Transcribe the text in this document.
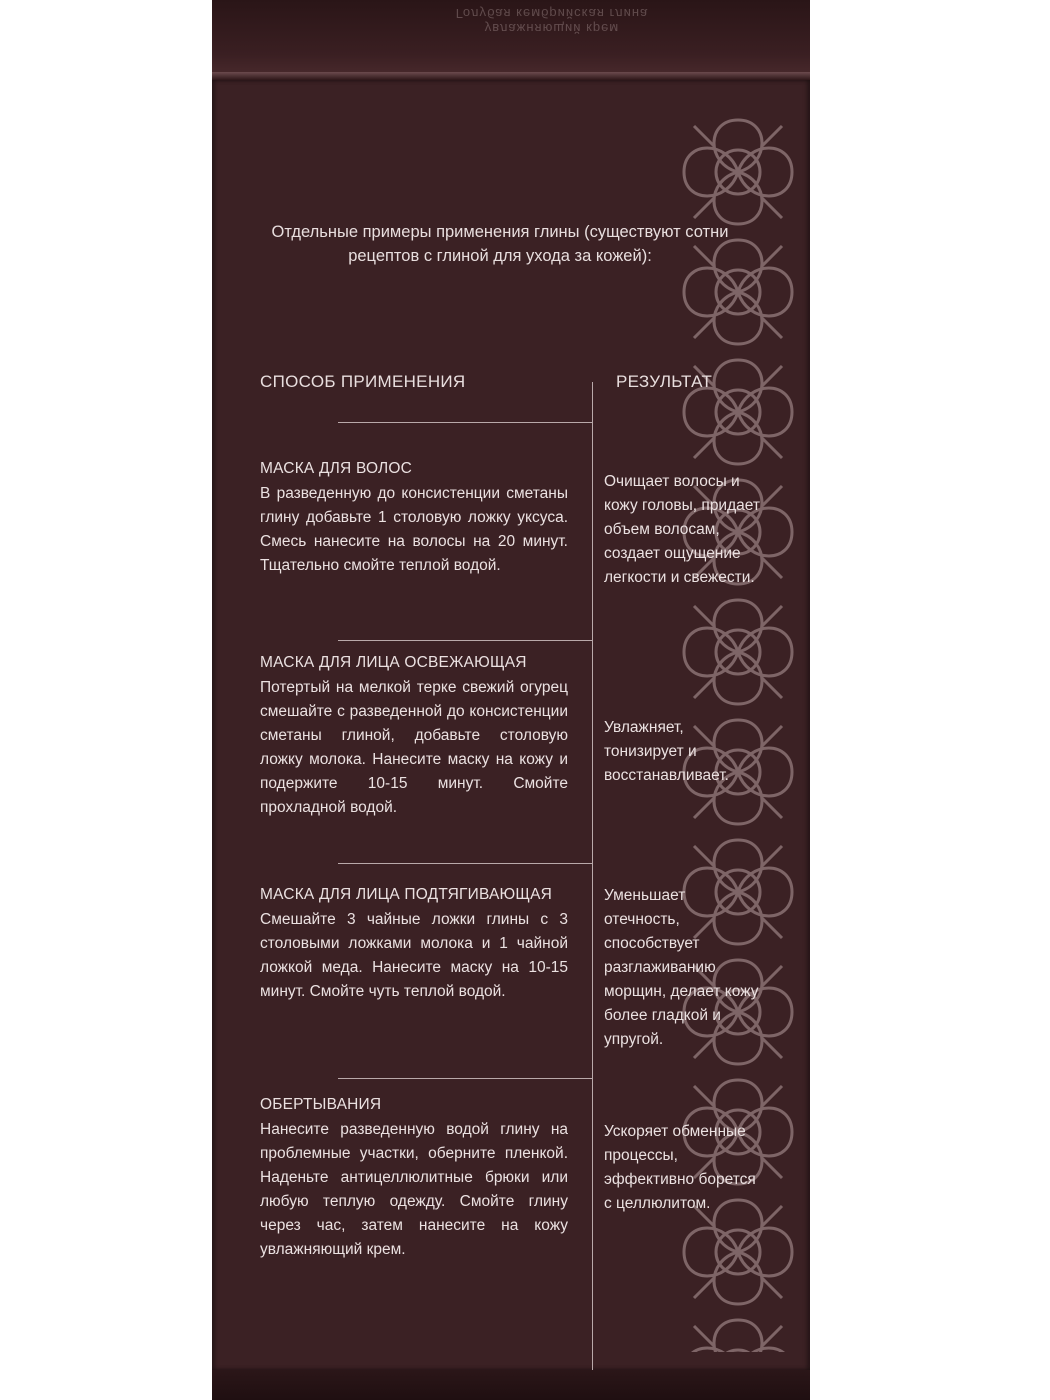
увлажняющий крем
Голубая кембрийская глина
Отдельные примеры применения глины (существуют сотни рецептов с глиной для ухода за кожей):
СПОСОБ ПРИМЕНЕНИЯ	РЕЗУЛЬТАТ
МАСКА ДЛЯ ВОЛОС
В разведенную до консистенции сметаны глину добавьте 1 столовую ложку уксуса. Смесь нанесите на волосы на 20 минут. Тщательно смойте теплой водой.
Очищает волосы и кожу головы, придает объем волосам, создает ощущение легкости и свежести.
МАСКА ДЛЯ ЛИЦА ОСВЕЖАЮЩАЯ
Потертый на мелкой терке свежий огурец смешайте с разведенной до консистенции сметаны глиной, добавьте столовую ложку молока. Нанесите маску на кожу и подержите 10-15 минут. Смойте прохладной водой.
Увлажняет, тонизирует и восстанавливает.
МАСКА ДЛЯ ЛИЦА ПОДТЯГИВАЮЩАЯ
Смешайте 3 чайные ложки глины с 3 столовыми ложками молока и 1 чайной ложкой меда. Нанесите маску на 10-15 минут. Смойте чуть теплой водой.
Уменьшает отечность, способствует разглаживанию морщин, делает кожу более гладкой и упругой.
ОБЕРТЫВАНИЯ
Нанесите разведенную водой глину на проблемные участки, оберните пленкой. Наденьте антицеллюлитные брюки или любую теплую одежду. Смойте глину через час, затем нанесите на кожу увлажняющий крем.
Ускоряет обменные процессы, эффективно борется с целлюлитом.
